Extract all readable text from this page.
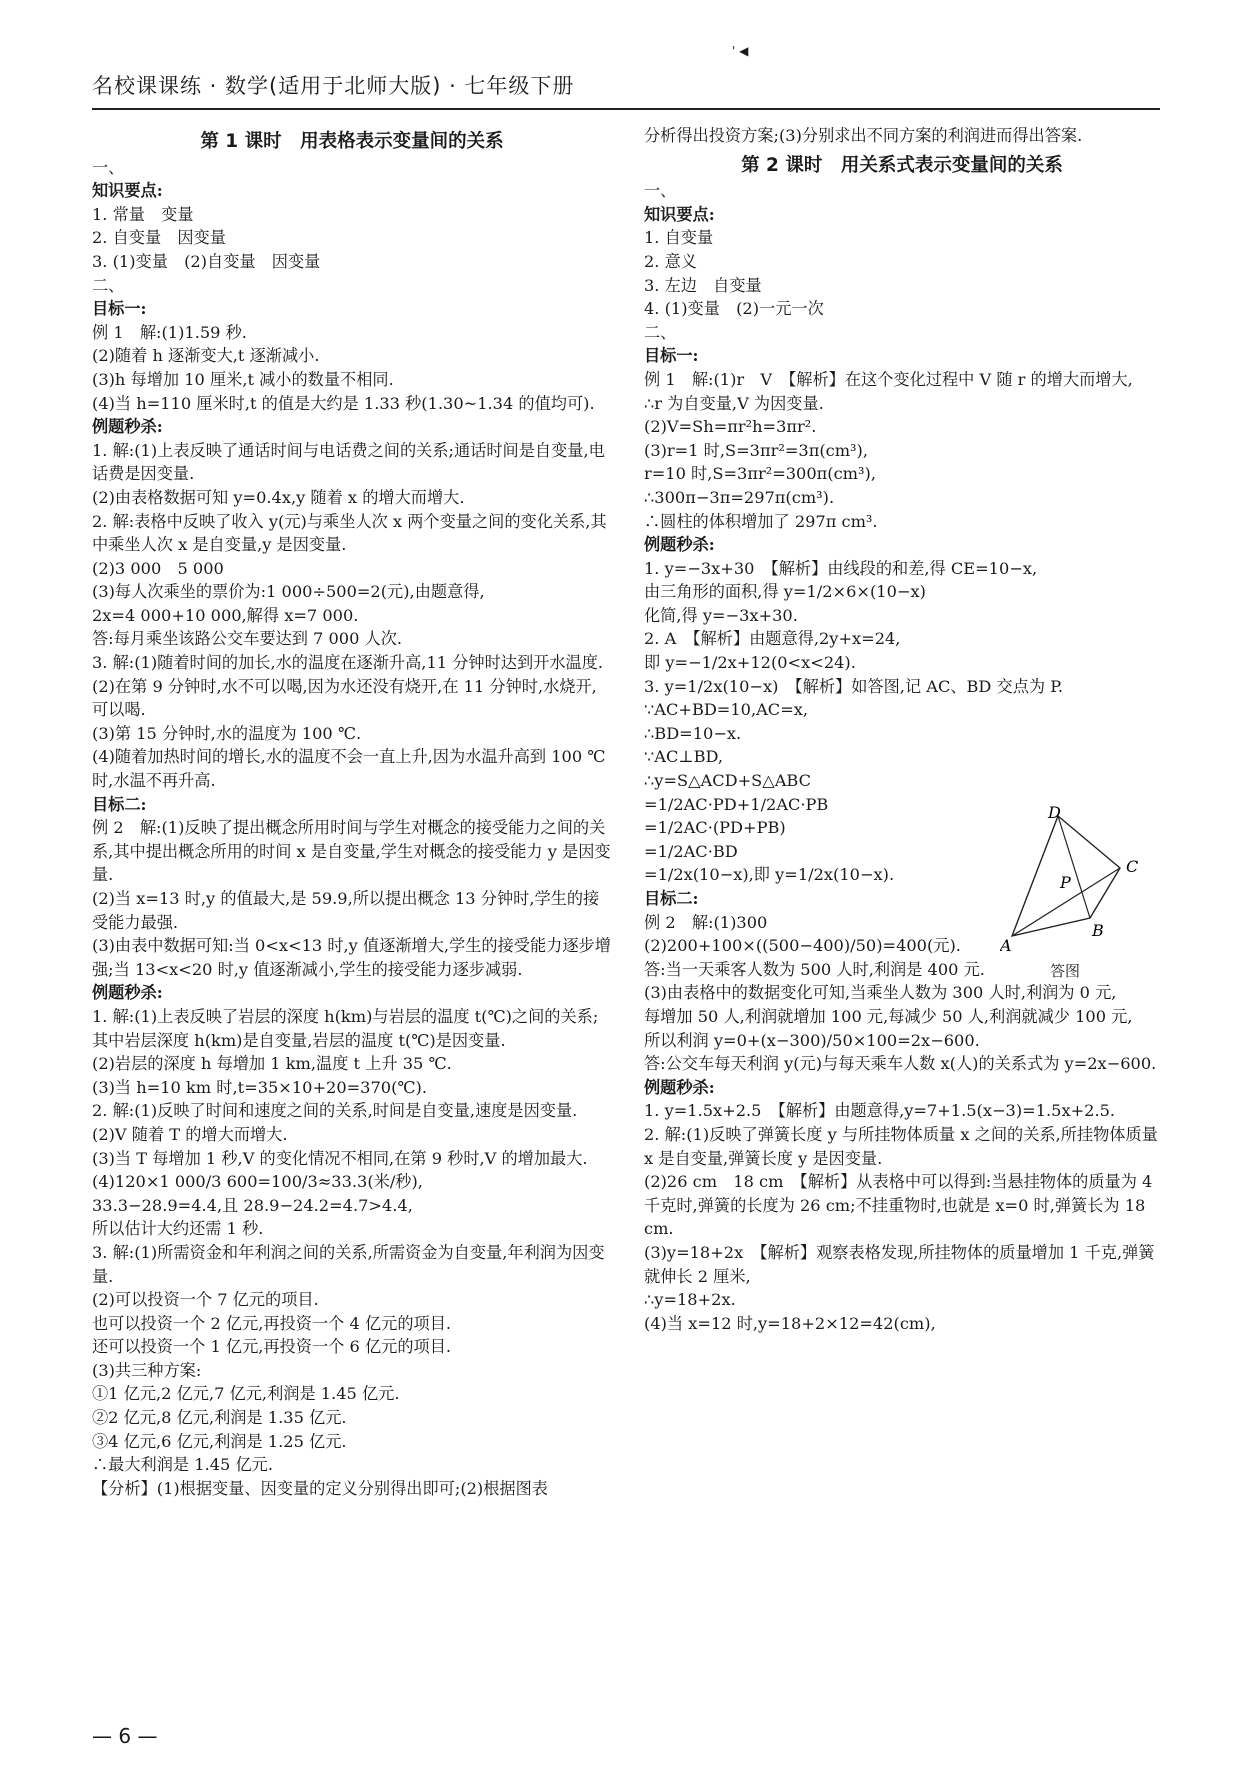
名校课课练 · 数学(适用于北师大版) · 七年级下册
' ◀

第 1 课时　用表格表示变量间的关系

一、

知识要点:

1. 常量　变量

2. 自变量　因变量

3. (1)变量　(2)自变量　因变量

二、

目标一:

例 1　解:(1)1.59 秒.

(2)随着 h 逐渐变大,t 逐渐减小.

(3)h 每增加 10 厘米,t 减小的数量不相同.

(4)当 h=110 厘米时,t 的值是大约是 1.33 秒(1.30~1.34 的值均可).

例题秒杀:

1. 解:(1)上表反映了通话时间与电话费之间的关系;通话时间是自变量,电话费是因变量.

(2)由表格数据可知 y=0.4x,y 随着 x 的增大而增大.

2. 解:表格中反映了收入 y(元)与乘坐人次 x 两个变量之间的变化关系,其中乘坐人次 x 是自变量,y 是因变量.

(2)3 000　5 000

(3)每人次乘坐的票价为:1 000÷500=2(元),由题意得,

2x=4 000+10 000,解得 x=7 000.

答:每月乘坐该路公交车要达到 7 000 人次.

3. 解:(1)随着时间的加长,水的温度在逐渐升高,11 分钟时达到开水温度.

(2)在第 9 分钟时,水不可以喝,因为水还没有烧开,在 11 分钟时,水烧开,可以喝.

(3)第 15 分钟时,水的温度为 100 ℃.

(4)随着加热时间的增长,水的温度不会一直上升,因为水温升高到 100 ℃时,水温不再升高.

目标二:

例 2　解:(1)反映了提出概念所用时间与学生对概念的接受能力之间的关系,其中提出概念所用的时间 x 是自变量,学生对概念的接受能力 y 是因变量.

(2)当 x=13 时,y 的值最大,是 59.9,所以提出概念 13 分钟时,学生的接受能力最强.

(3)由表中数据可知:当 0<x<13 时,y 值逐渐增大,学生的接受能力逐步增强;当 13<x<20 时,y 值逐渐减小,学生的接受能力逐步减弱.

例题秒杀:

1. 解:(1)上表反映了岩层的深度 h(km)与岩层的温度 t(℃)之间的关系;其中岩层深度 h(km)是自变量,岩层的温度 t(℃)是因变量.

(2)岩层的深度 h 每增加 1 km,温度 t 上升 35 ℃.

(3)当 h=10 km 时,t=35×10+20=370(℃).

2. 解:(1)反映了时间和速度之间的关系,时间是自变量,速度是因变量.

(2)V 随着 T 的增大而增大.

(3)当 T 每增加 1 秒,V 的变化情况不相同,在第 9 秒时,V 的增加最大.

(4)120×1 000/3 600=100/3≈33.3(米/秒),

33.3−28.9=4.4,且 28.9−24.2=4.7>4.4,

所以估计大约还需 1 秒.

3. 解:(1)所需资金和年利润之间的关系,所需资金为自变量,年利润为因变量.

(2)可以投资一个 7 亿元的项目.

也可以投资一个 2 亿元,再投资一个 4 亿元的项目.

还可以投资一个 1 亿元,再投资一个 6 亿元的项目.

(3)共三种方案:

①1 亿元,2 亿元,7 亿元,利润是 1.45 亿元.

②2 亿元,8 亿元,利润是 1.35 亿元.

③4 亿元,6 亿元,利润是 1.25 亿元.

∴最大利润是 1.45 亿元.

【分析】(1)根据变量、因变量的定义分别得出即可;(2)根据图表

分析得出投资方案;(3)分别求出不同方案的利润进而得出答案.

第 2 课时　用关系式表示变量间的关系

一、

知识要点:

1. 自变量

2. 意义

3. 左边　自变量

4. (1)变量　(2)一元一次

二、

目标一:

例 1　解:(1)r　V　【解析】在这个变化过程中 V 随 r 的增大而增大,

∴r 为自变量,V 为因变量.

(2)V=Sh=πr²h=3πr².

(3)r=1 时,S=3πr²=3π(cm³),

r=10 时,S=3πr²=300π(cm³),

∴300π−3π=297π(cm³).

∴圆柱的体积增加了 297π cm³.

例题秒杀:

1. y=−3x+30　【解析】由线段的和差,得 CE=10−x,

由三角形的面积,得 y=1/2×6×(10−x)

化简,得 y=−3x+30.

2. A　【解析】由题意得,2y+x=24,

即 y=−1/2x+12(0<x<24).

3. y=1/2x(10−x)　【解析】如答图,记 AC、BD 交点为 P.

∵AC+BD=10,AC=x,

∴BD=10−x.

∵AC⊥BD,

∴y=S△ACD+S△ABC

=1/2AC·PD+1/2AC·PB

=1/2AC·(PD+PB)

=1/2AC·BD

=1/2x(10−x),即 y=1/2x(10−x).

目标二:

例 2　解:(1)300

(2)200+100×((500−400)/50)=400(元).

答:当一天乘客人数为 500 人时,利润是 400 元.

(3)由表格中的数据变化可知,当乘坐人数为 300 人时,利润为 0 元,

每增加 50 人,利润就增加 100 元,每减少 50 人,利润就减少 100 元,

所以利润 y=0+(x−300)/50×100=2x−600.

答:公交车每天利润 y(元)与每天乘车人数 x(人)的关系式为 y=2x−600.

例题秒杀:

1. y=1.5x+2.5　【解析】由题意得,y=7+1.5(x−3)=1.5x+2.5.

2. 解:(1)反映了弹簧长度 y 与所挂物体质量 x 之间的关系,所挂物体质量 x 是自变量,弹簧长度 y 是因变量.

(2)26 cm　18 cm　【解析】从表格中可以得到:当悬挂物体的质量为 4 千克时,弹簧的长度为 26 cm;不挂重物时,也就是 x=0 时,弹簧长为 18 cm.

(3)y=18+2x　【解析】观察表格发现,所挂物体的质量增加 1 千克,弹簧就伸长 2 厘米,

∴y=18+2x.

(4)当 x=12 时,y=18+2×12=42(cm),

A
B
C
D
P
答图
— 6 —
